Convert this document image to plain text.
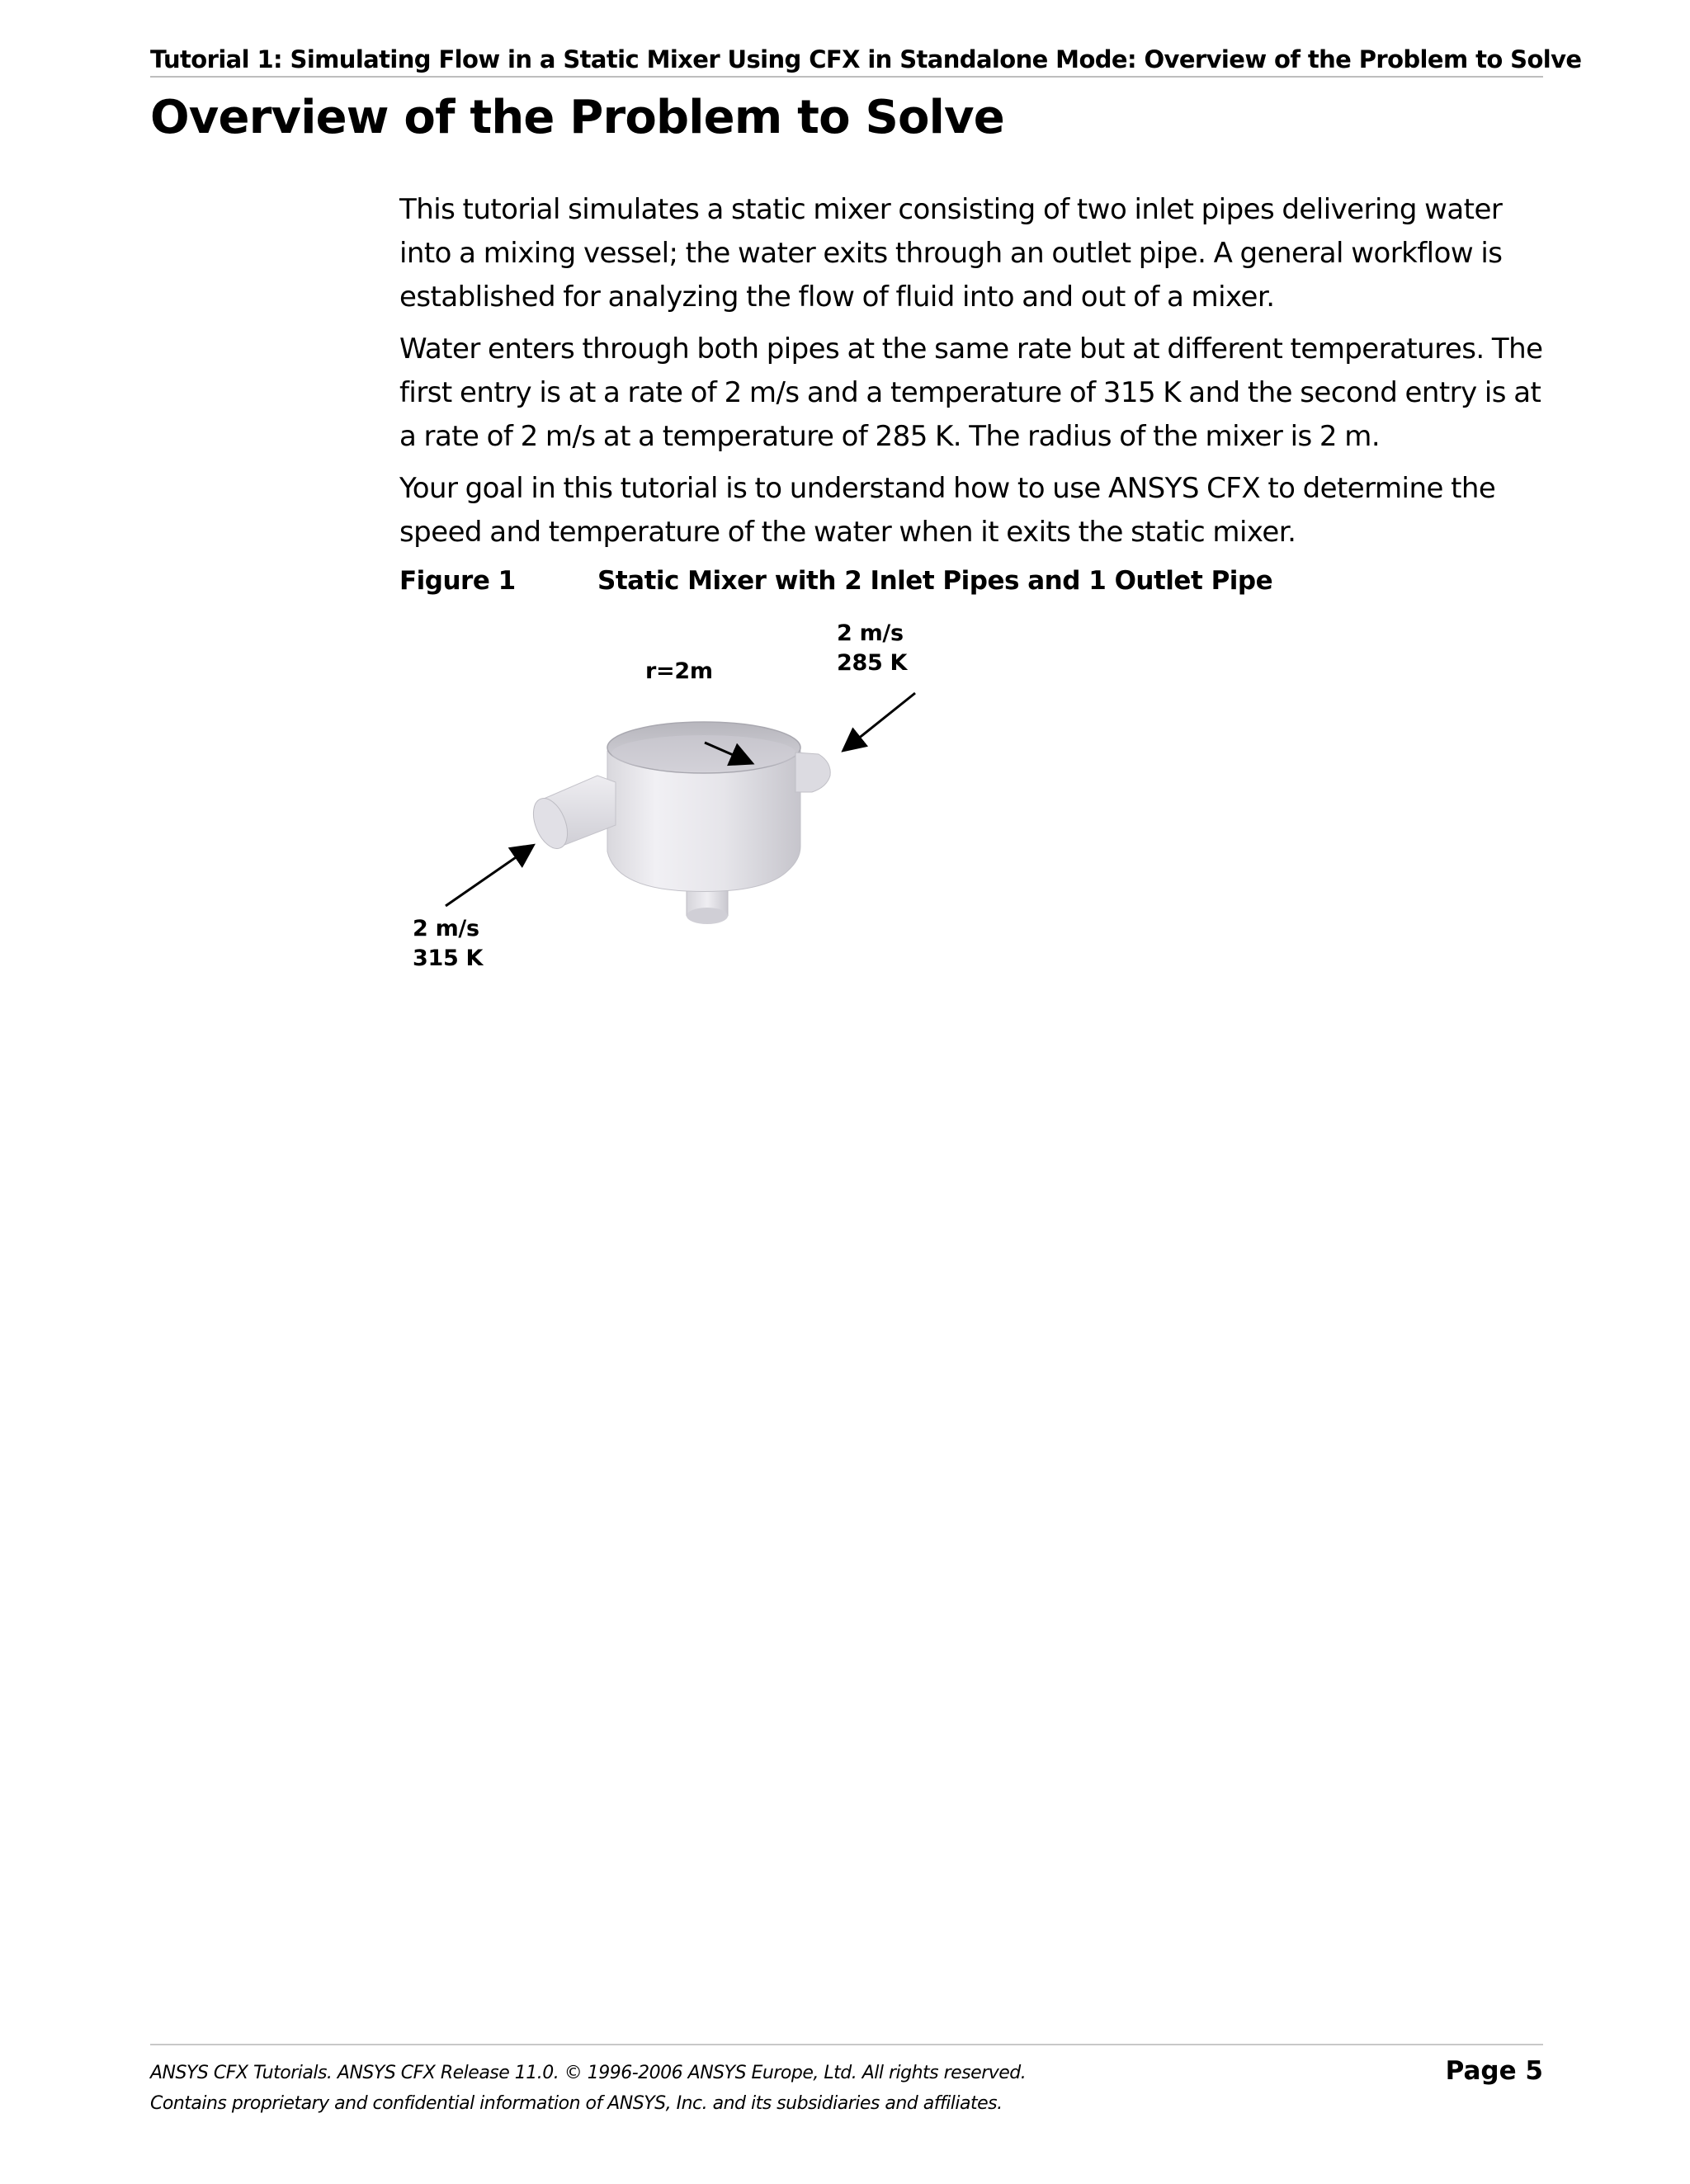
Tutorial 1: Simulating Flow in a Static Mixer Using CFX in Standalone Mode: Overview of the Problem to Solve
Overview of the Problem to Solve

This tutorial simulates a static mixer consisting of two inlet pipes delivering water into a mixing vessel; the water exits through an outlet pipe. A general workflow is established for analyzing the flow of fluid into and out of a mixer.

Water enters through both pipes at the same rate but at different temperatures. The first entry is at a rate of 2 m/s and a temperature of 315 K and the second entry is at a rate of 2 m/s at a temperature of 285 K. The radius of the mixer is 2 m.

Your goal in this tutorial is to understand how to use ANSYS CFX to determine the speed and temperature of the water when it exits the static mixer.

Figure 1	Static Mixer with 2 Inlet Pipes and 1 Outlet Pipe
r=2m
2 m/s
285 K
2 m/s
315 K
ANSYS CFX Tutorials. ANSYS CFX Release 11.0. © 1996-2006 ANSYS Europe, Ltd. All rights reserved.
Contains proprietary and confidential information of ANSYS, Inc. and its subsidiaries and affiliates.
Page 5
